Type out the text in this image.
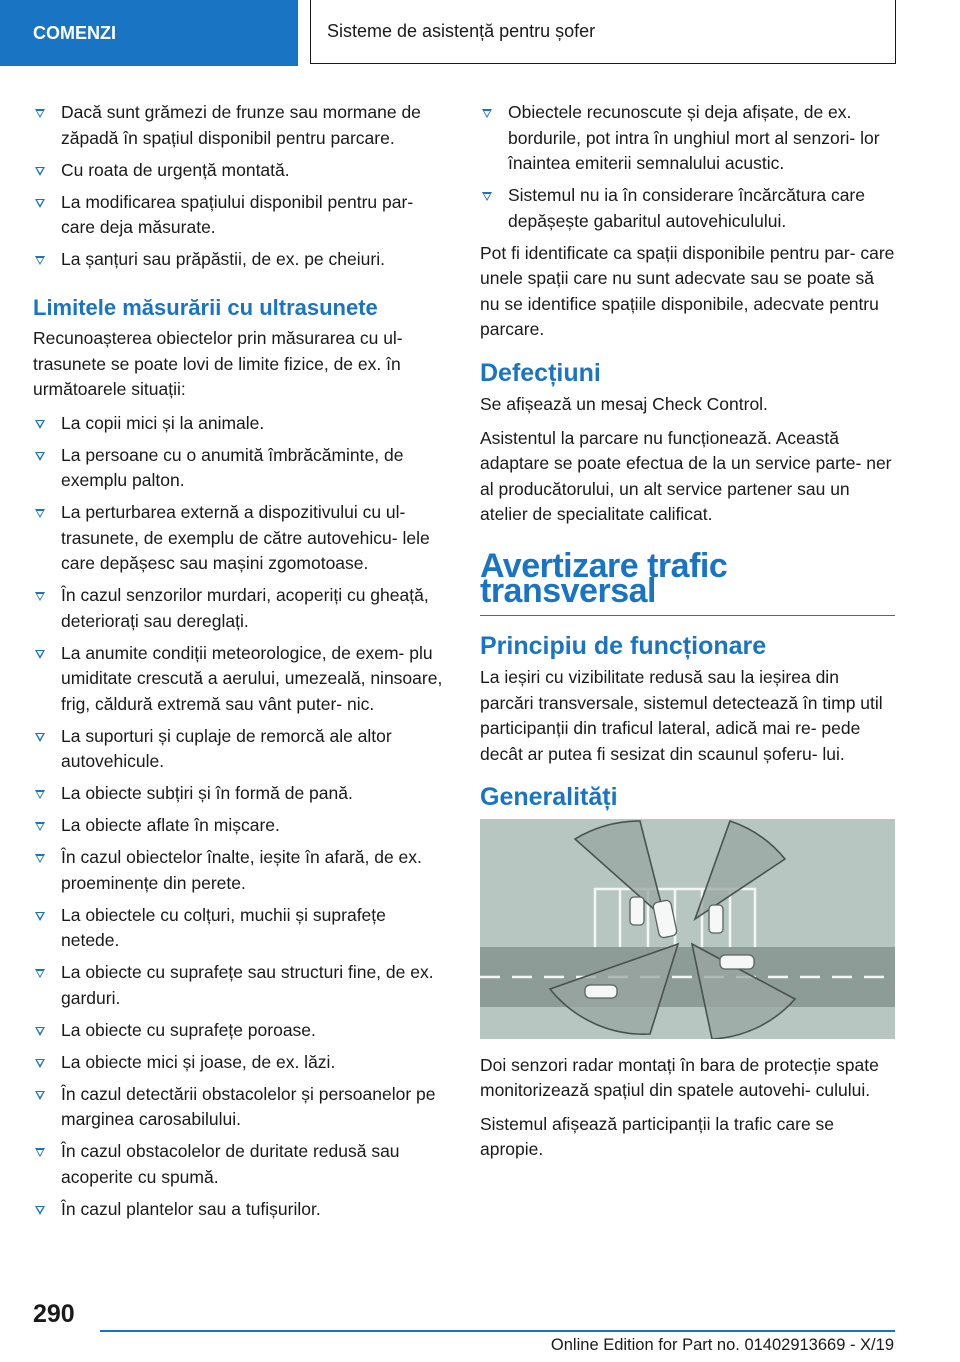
COMENZI	Sisteme de asistență pentru șofer
Dacă sunt grămezi de frunze sau mormane de zăpadă în spațiul disponibil pentru parcare.
Cu roata de urgență montată.
La modificarea spațiului disponibil pentru par‐ care deja măsurate.
La șanțuri sau prăpăstii, de ex. pe cheiuri.
Limitele măsurării cu ultrasunete

Recunoașterea obiectelor prin măsurarea cu ul‐ trasunete se poate lovi de limite fizice, de ex. în următoarele situații:

La copii mici și la animale.
La persoane cu o anumită îmbrăcăminte, de exemplu palton.
La perturbarea externă a dispozitivului cu ul‐ trasunete, de exemplu de către autovehicu‐ lele care depășesc sau mașini zgomotoase.
În cazul senzorilor murdari, acoperiți cu gheață, deteriorați sau dereglați.
La anumite condiții meteorologice, de exem‐ plu umiditate crescută a aerului, umezeală, ninsoare, frig, căldură extremă sau vânt puter‐ nic.
La suporturi și cuplaje de remorcă ale altor autovehicule.
La obiecte subțiri și în formă de pană.
La obiecte aflate în mișcare.
În cazul obiectelor înalte, ieșite în afară, de ex. proeminențe din perete.
La obiectele cu colțuri, muchii și suprafețe netede.
La obiecte cu suprafețe sau structuri fine, de ex. garduri.
La obiecte cu suprafețe poroase.
La obiecte mici și joase, de ex. lăzi.
În cazul detectării obstacolelor și persoanelor pe marginea carosabilului.
În cazul obstacolelor de duritate redusă sau acoperite cu spumă.
În cazul plantelor sau a tufișurilor.
Obiectele recunoscute și deja afișate, de ex. bordurile, pot intra în unghiul mort al senzori‐ lor înaintea emiterii semnalului acustic.
Sistemul nu ia în considerare încărcătura care depășește gabaritul autovehiculului.

Pot fi identificate ca spații disponibile pentru par‐ care unele spații care nu sunt adecvate sau se poate să nu se identifice spațiile disponibile, adecvate pentru parcare.

Defecțiuni

Se afișează un mesaj Check Control.

Asistentul la parcare nu funcționează. Această adaptare se poate efectua de la un service parte‐ ner al producătorului, un alt service partener sau un atelier de specialitate calificat.

Avertizare trafic transversal
Principiu de funcționare

La ieșiri cu vizibilitate redusă sau la ieșirea din parcări transversale, sistemul detectează în timp util participanții din traficul lateral, adică mai re‐ pede decât ar putea fi sesizat din scaunul șoferu‐ lui.

Generalități

Doi senzori radar montați în bara de protecție spate monitorizează spațiul din spatele autovehi‐ culului.

Sistemul afișează participanții la trafic care se apropie.

290
Online Edition for Part no. 01402913669 - X/19
